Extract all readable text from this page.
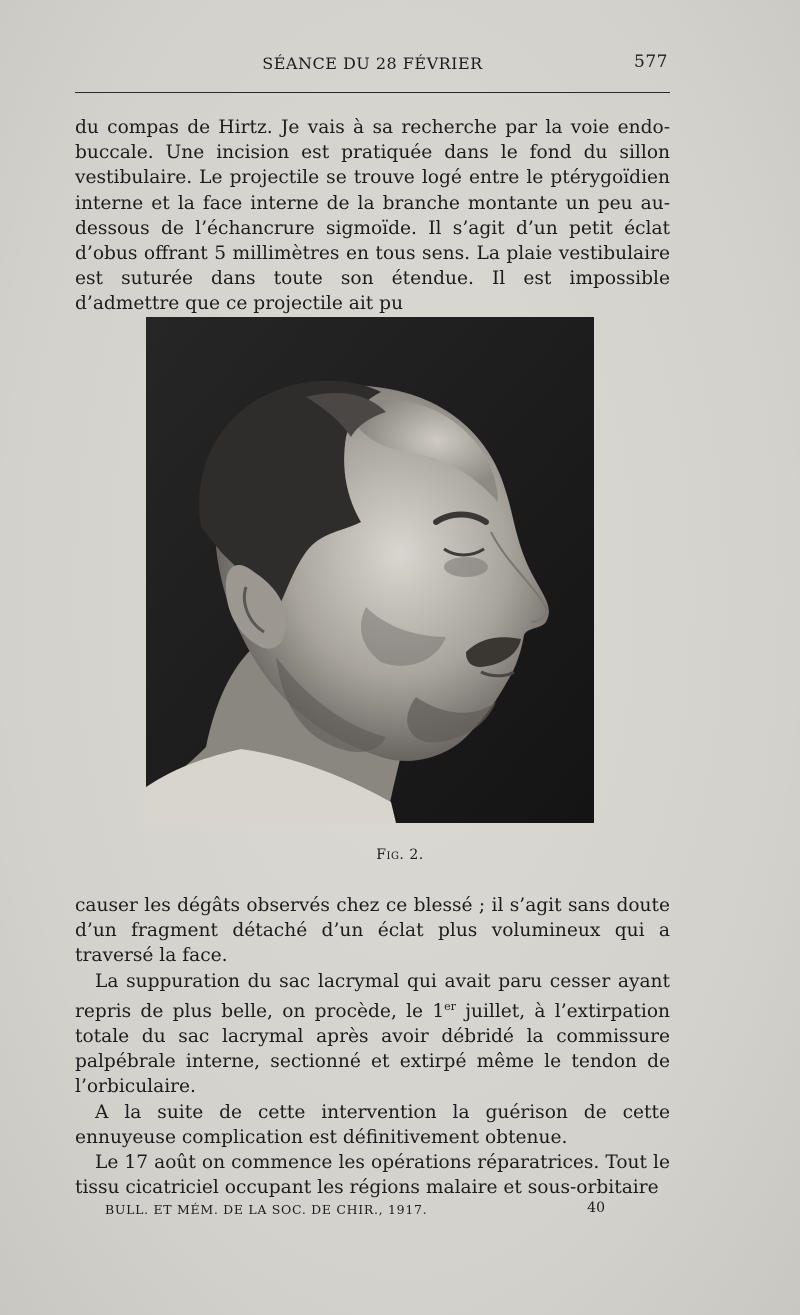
SÉANCE DU 28 FÉVRIER	577

du compas de Hirtz. Je vais à sa recherche par la voie endo-buccale. Une incision est pratiquée dans le fond du sillon vestibulaire. Le projectile se trouve logé entre le ptérygoïdien interne et la face interne de la branche montante un peu au-dessous de l’échancrure sigmoïde. Il s’agit d’un petit éclat d’obus offrant 5 millimètres en tous sens. La plaie vestibulaire est suturée dans toute son étendue. Il est impossible d’admettre que ce projectile ait pu

Fig. 2.

causer les dégâts observés chez ce blessé ; il s’agit sans doute d’un fragment détaché d’un éclat plus volumineux qui a traversé la face.

La suppuration du sac lacrymal qui avait paru cesser ayant repris de plus belle, on procède, le 1er juillet, à l’extirpation totale du sac lacrymal après avoir débridé la commissure palpébrale interne, sectionné et extirpé même le tendon de l’orbiculaire.

A la suite de cette intervention la guérison de cette ennuyeuse complication est définitivement obtenue.

Le 17 août on commence les opérations réparatrices. Tout le tissu cicatriciel occupant les régions malaire et sous-orbitaire

BULL. ET MÉM. DE LA SOC. DE CHIR., 1917.	40
